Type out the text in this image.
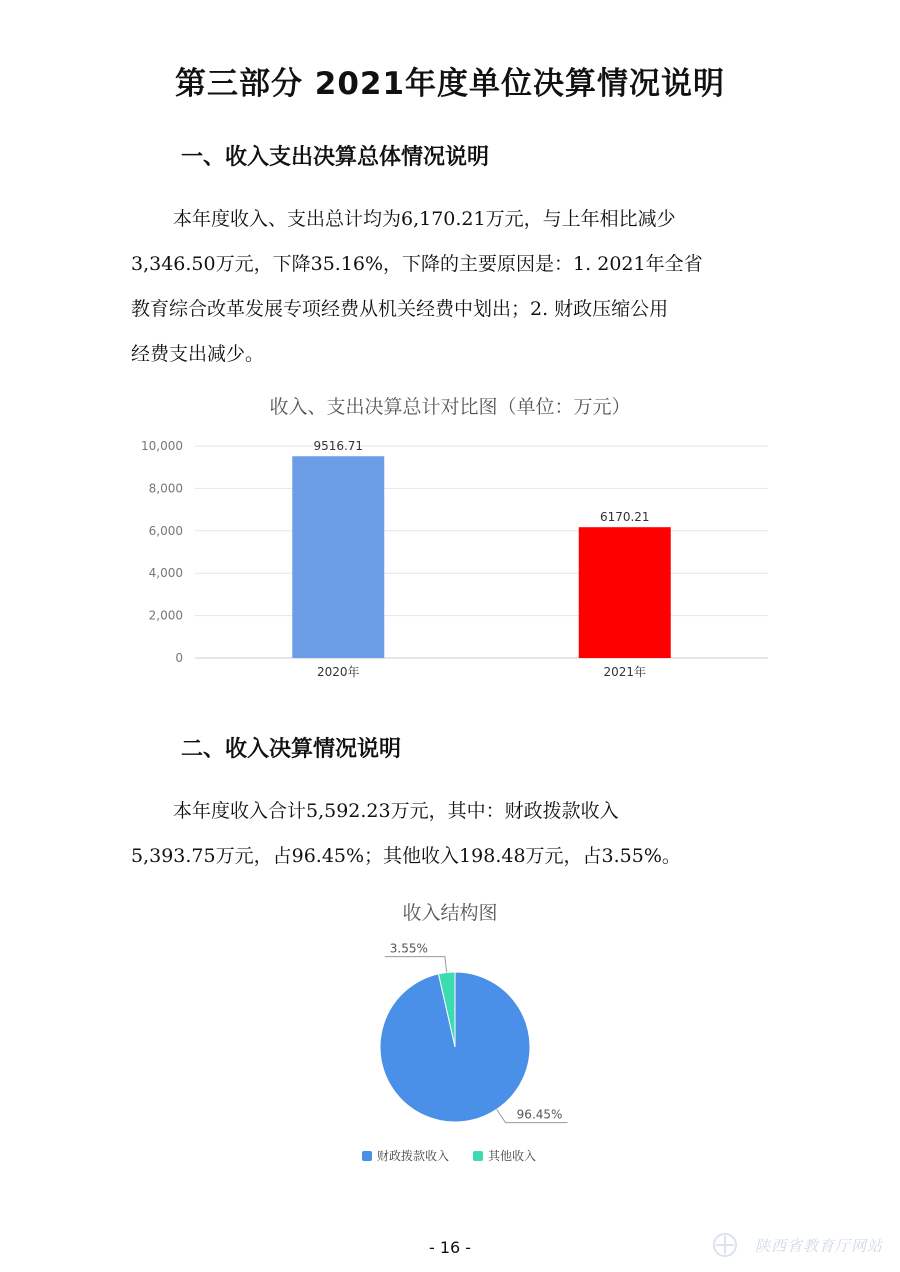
第三部分 2021年度单位决算情况说明
一、收入支出决算总体情况说明
本年度收入、支出总计均为6,170.21万元，与上年相比减少
3,346.50万元，下降35.16%，下降的主要原因是：1. 2021年全省
教育综合改革发展专项经费从机关经费中划出；2. 财政压缩公用
经费支出减少。
收入、支出决算总计对比图（单位：万元）
0
2,000
4,000
6,000
8,000
10,000	9516.71
2020年
6170.21
2021年
二、收入决算情况说明
本年度收入合计5,592.23万元，其中：财政拨款收入
5,393.75万元，占96.45%；其他收入198.48万元，占3.55%。
收入结构图
3.55%
96.45%
财政拨款收入	其他收入
- 16 -	陕西省教育厅网站
